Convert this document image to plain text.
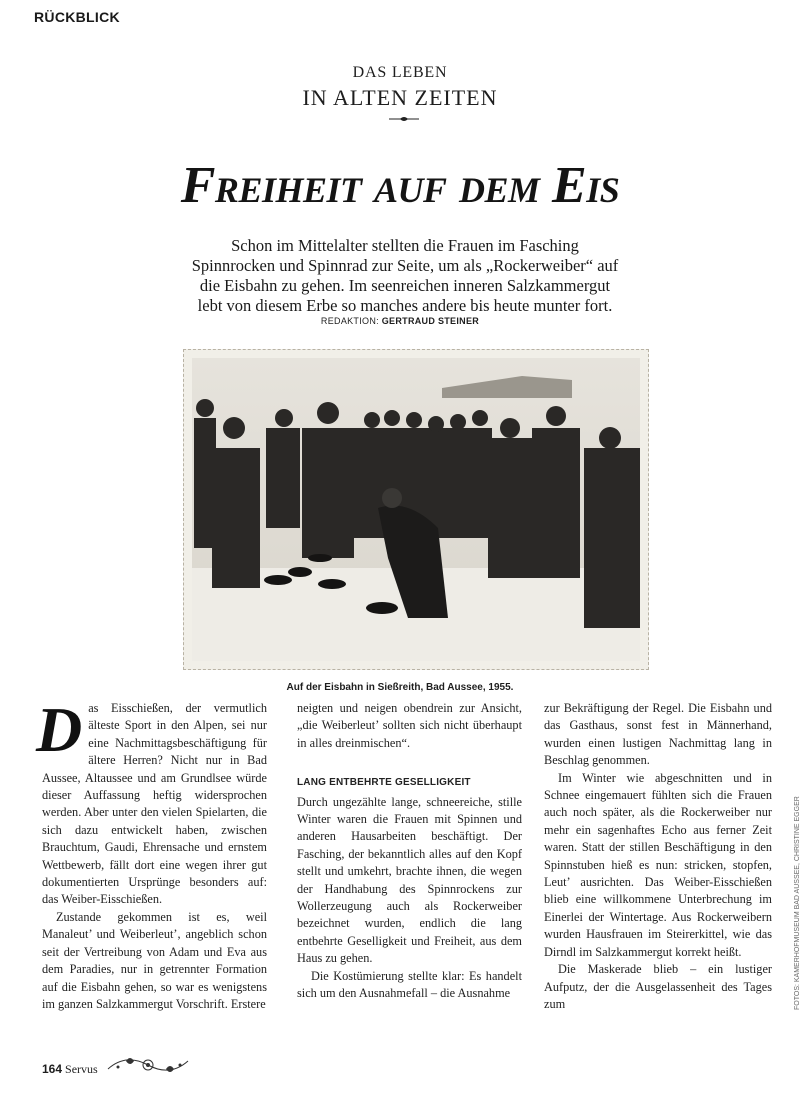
RÜCKBLICK
DAS LEBEN
IN ALTEN ZEITEN
Freiheit auf dem Eis
Schon im Mittelalter stellten die Frauen im Fasching Spinnrocken und Spinnrad zur Seite, um als „Rockerweiber“ auf die Eisbahn zu gehen. Im seenreichen inneren Salzkammergut lebt von diesem Erbe so manches andere bis heute munter fort.
REDAKTION: GERTRAUD STEINER
Auf der Eisbahn in Sießreith, Bad Aussee, 1955.

Das Eisschießen, der vermutlich älteste Sport in den Alpen, sei nur eine Nachmittagsbeschäftigung für ältere Herren? Nicht nur in Bad Aussee, Altaussee und am Grundlsee würde dieser Auffassung heftig widersprochen werden. Aber unter den vielen Spielarten, die sich dazu entwickelt haben, zwischen Brauchtum, Gaudi, Ehrensache und ernstem Wettbewerb, fällt dort eine wegen ihrer gut dokumentierten Ursprünge besonders auf: das Weiber-Eisschießen.

Zustande gekommen ist es, weil Manaleut’ und Weiberleut’, angeblich schon seit der Vertreibung von Adam und Eva aus dem Paradies, nur in getrennter Formation auf die Eisbahn gehen, so war es wenigstens im ganzen Salzkammergut Vorschrift. Erstere

neigten und neigen obendrein zur Ansicht, „die Weiberleut’ sollten sich nicht überhaupt in alles dreinmischen“.

LANG ENTBEHRTE GESELLIGKEIT

Durch ungezählte lange, schneereiche, stille Winter waren die Frauen mit Spinnen und anderen Hausarbeiten beschäftigt. Der Fasching, der bekanntlich alles auf den Kopf stellt und umkehrt, brachte ihnen, die wegen der Handhabung des Spinnrockens zur Wollerzeugung auch als Rockerweiber bezeichnet wurden, endlich die lang entbehrte Geselligkeit und Freiheit, aus dem Haus zu gehen.

Die Kostümierung stellte klar: Es handelt sich um den Ausnahmefall – die Ausnahme

zur Bekräftigung der Regel. Die Eisbahn und das Gasthaus, sonst fest in Männerhand, wurden einen lustigen Nachmittag lang in Beschlag genommen.

Im Winter wie abgeschnitten und in Schnee eingemauert fühlten sich die Frauen auch noch später, als die Rockerweiber nur mehr ein sagenhaftes Echo aus ferner Zeit waren. Statt der stillen Beschäftigung in den Spinnstuben hieß es nun: stricken, stopfen, Leut’ ausrichten. Das Weiber-Eisschießen blieb eine willkommene Unterbrechung im Einerlei der Wintertage. Aus Rockerweibern wurden Hausfrauen im Steirerkittel, wie das Dirndl im Salzkammergut korrekt heißt.

Die Maskerade blieb – ein lustiger Aufputz, der die Ausgelassenheit des Tages zum	FOTOS: KAMERHOFMUSEUM BAD AUSSEE, CHRISTINE EGGER
164 Servus
